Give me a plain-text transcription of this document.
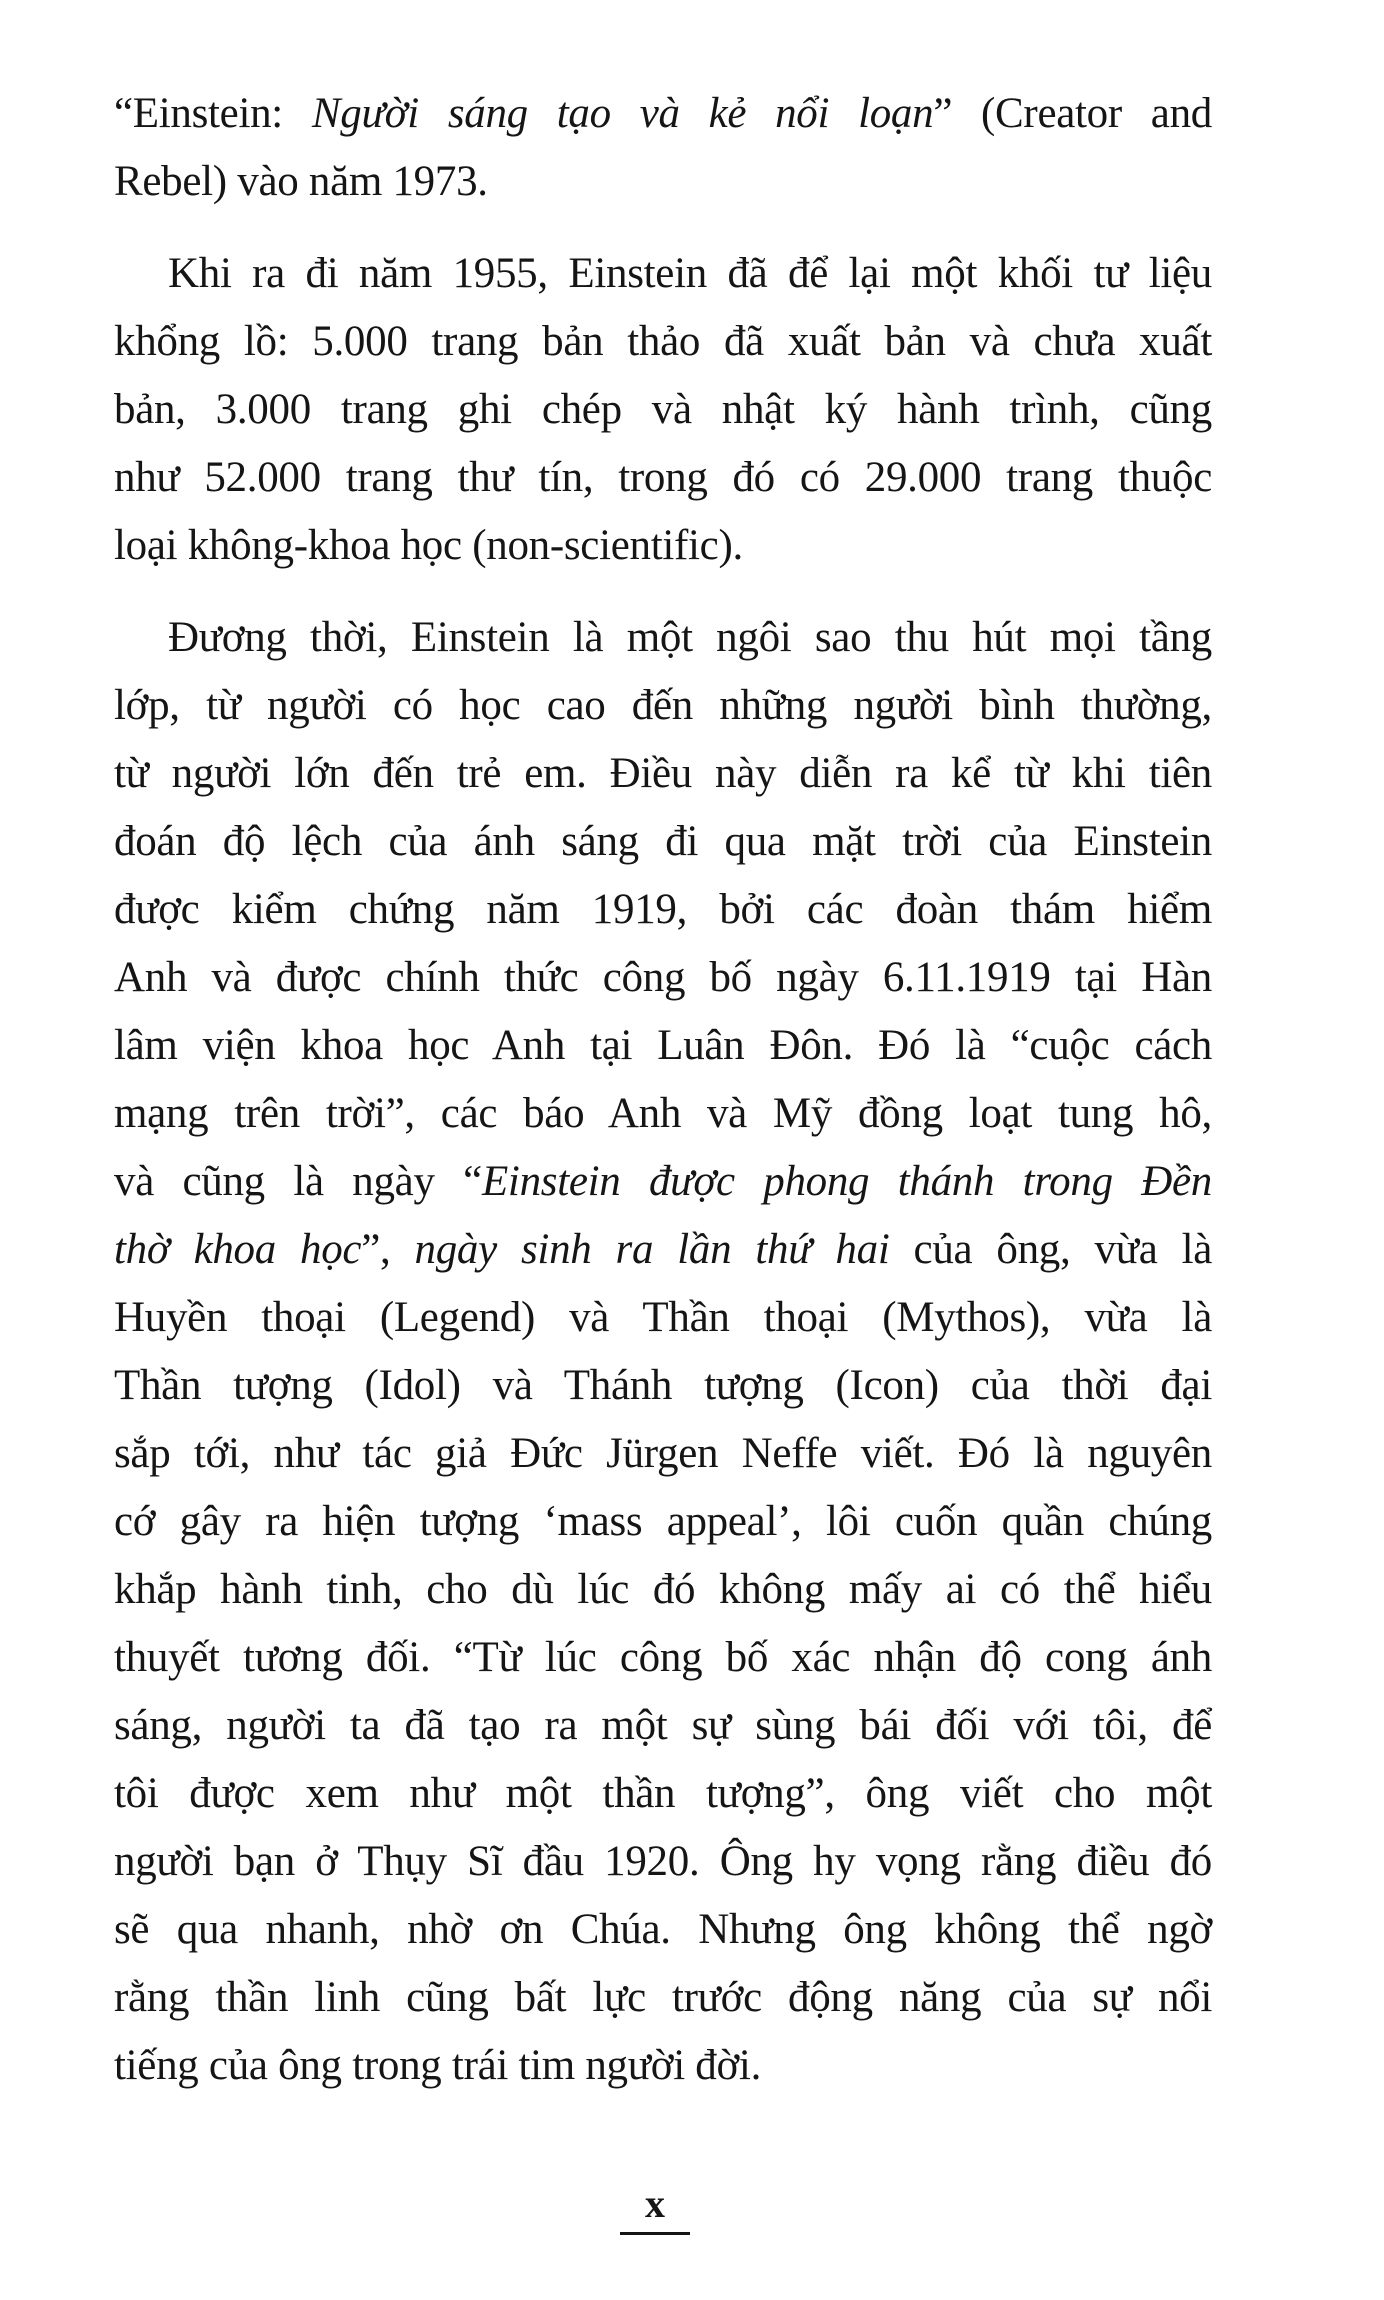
“Einstein: Người sáng tạo và kẻ nổi loạn” (Creator and
Rebel) vào năm 1973.
Khi ra đi năm 1955, Einstein đã để lại một khối tư liệu
khổng lồ: 5.000 trang bản thảo đã xuất bản và chưa xuất
bản, 3.000 trang ghi chép và nhật ký hành trình, cũng
như 52.000 trang thư tín, trong đó có 29.000 trang thuộc
loại không-khoa học (non-scientific).
Đương thời, Einstein là một ngôi sao thu hút mọi tầng
lớp, từ người có học cao đến những người bình thường,
từ người lớn đến trẻ em. Điều này diễn ra kể từ khi tiên
đoán độ lệch của ánh sáng đi qua mặt trời của Einstein
được kiểm chứng năm 1919, bởi các đoàn thám hiểm
Anh và được chính thức công bố ngày 6.11.1919 tại Hàn
lâm viện khoa học Anh tại Luân Đôn. Đó là “cuộc cách
mạng trên trời”, các báo Anh và Mỹ đồng loạt tung hô,
và cũng là ngày “Einstein được phong thánh trong Đền
thờ khoa học”, ngày sinh ra lần thứ hai của ông, vừa là
Huyền thoại (Legend) và Thần thoại (Mythos), vừa là
Thần tượng (Idol) và Thánh tượng (Icon) của thời đại
sắp tới, như tác giả Đức Jürgen Neffe viết. Đó là nguyên
cớ gây ra hiện tượng ‘mass appeal’, lôi cuốn quần chúng
khắp hành tinh, cho dù lúc đó không mấy ai có thể hiểu
thuyết tương đối. “Từ lúc công bố xác nhận độ cong ánh
sáng, người ta đã tạo ra một sự sùng bái đối với tôi, để
tôi được xem như một thần tượng”, ông viết cho một
người bạn ở Thụy Sĩ đầu 1920. Ông hy vọng rằng điều đó
sẽ qua nhanh, nhờ ơn Chúa. Nhưng ông không thể ngờ
rằng thần linh cũng bất lực trước động năng của sự nổi
tiếng của ông trong trái tim người đời.
x
